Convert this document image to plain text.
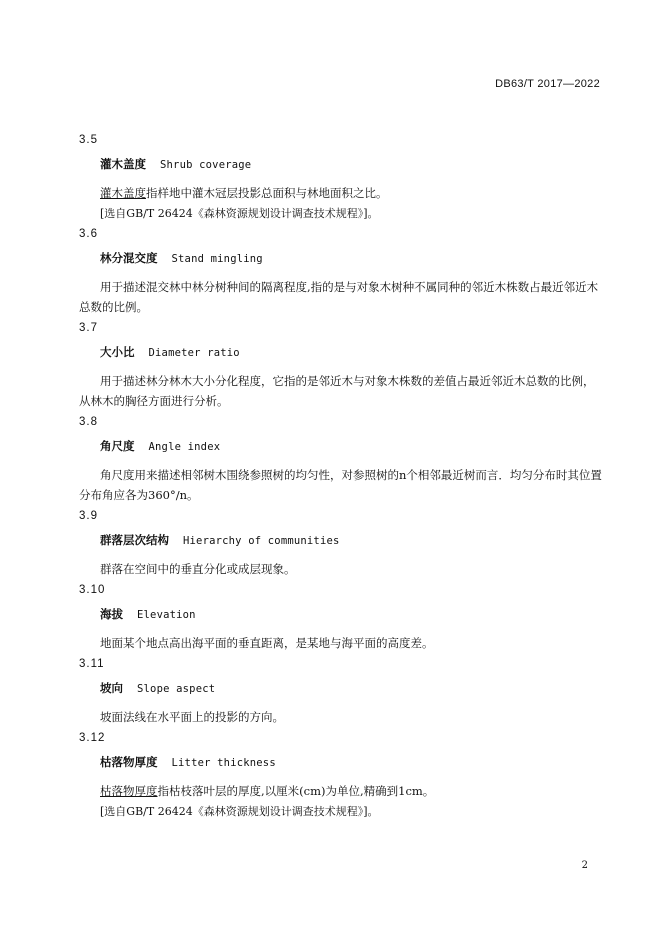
DB63/T 2017—2022
3.5
灌木盖度 Shrub coverage
灌木盖度指样地中灌木冠层投影总面积与林地面积之比。
[选自GB/T 26424《森林资源规划设计调查技术规程》]。
3.6
林分混交度 Stand mingling
用于描述混交林中林分树种间的隔离程度,指的是与对象木树种不属同种的邻近木株数占最近邻近木总数的比例。
3.7
大小比 Diameter ratio
用于描述林分林木大小分化程度，它指的是邻近木与对象木株数的差值占最近邻近木总数的比例，从林木的胸径方面进行分析。
3.8
角尺度 Angle index
角尺度用来描述相邻树木围绕参照树的均匀性，对参照树的n个相邻最近树而言．均匀分布时其位置分布角应各为360°/n。
3.9
群落层次结构 Hierarchy of communities
群落在空间中的垂直分化或成层现象。
3.10
海拔 Elevation
地面某个地点高出海平面的垂直距离，是某地与海平面的高度差。
3.11
坡向 Slope aspect
坡面法线在水平面上的投影的方向。
3.12
枯落物厚度 Litter thickness
枯落物厚度指枯枝落叶层的厚度,以厘米(cm)为单位,精确到1cm。
[选自GB/T 26424《森林资源规划设计调查技术规程》]。
2
